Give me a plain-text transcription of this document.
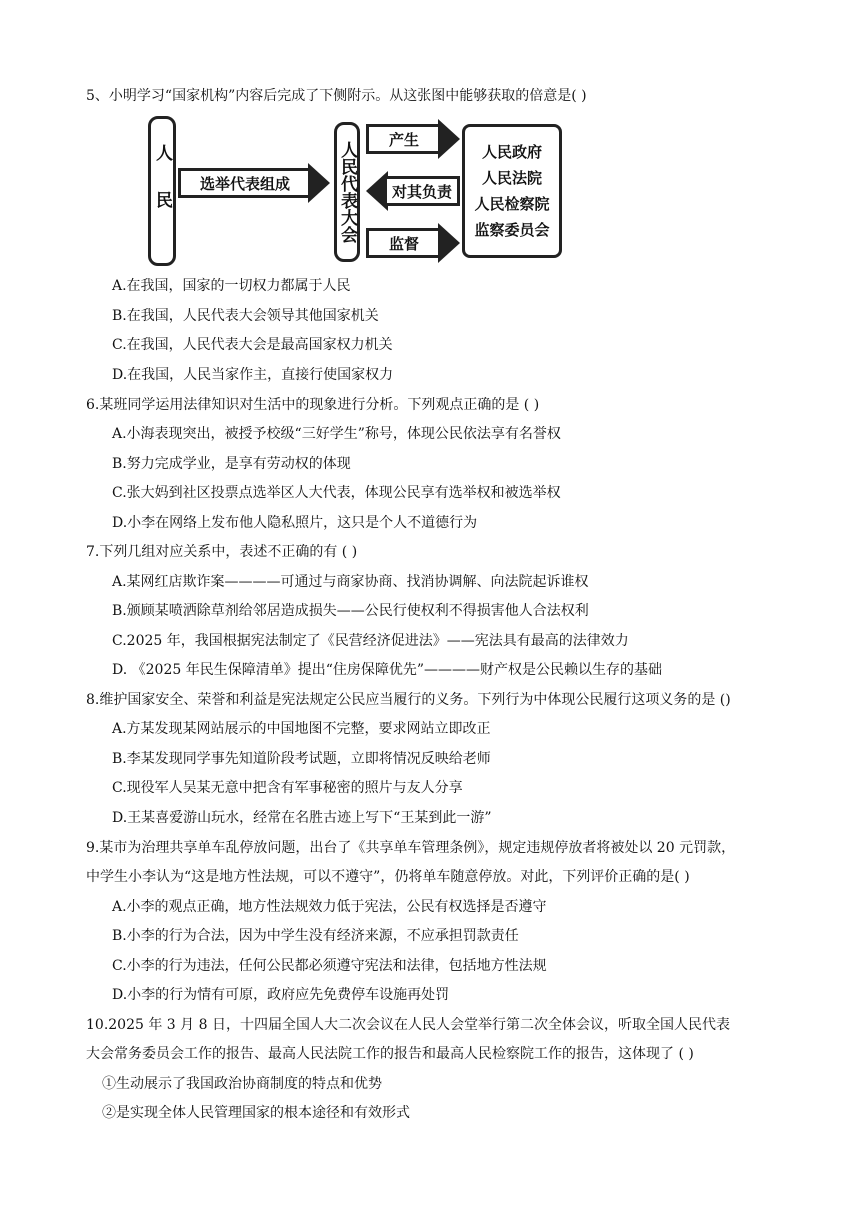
5、小明学习“国家机构”内容后完成了下侧附示。从这张图中能够获取的倍意是( )
人民	选举代表组成	人民代表大会
产生
对其负责
监督
人民政府
人民法院
人民检察院
监察委员会
A.在我国，国家的一切权力都属于人民
B.在我国，人民代表大会领导其他国家机关
C.在我国，人民代表大会是最高国家权力机关
D.在我国，人民当家作主，直接行使国家权力
6.某班同学运用法律知识对生活中的现象进行分析。下列观点正确的是 ( )
A.小海表现突出，被授予校级“三好学生”称号，体现公民依法享有名誉权
B.努力完成学业，是享有劳动权的体现
C.张大妈到社区投票点选举区人大代表，体现公民享有选举权和被选举权
D.小李在网络上发布他人隐私照片，这只是个人不道德行为
7.下列几组对应关系中，表述不正确的有 ( )
A.某网红店欺诈案————可通过与商家协商、找消协调解、向法院起诉谁权
B.颁顾某喷洒除草剂给邻居造成损失——公民行使权利不得损害他人合法权利
C.2025 年，我国根据宪法制定了《民营经济促进法》——宪法具有最高的法律效力
D. 《2025 年民生保障清单》提出“住房保障优先”————财产权是公民赖以生存的基础
8.维护国家安全、荣誉和利益是宪法规定公民应当履行的义务。下列行为中体现公民履行这项义务的是 ()
A.方某发现某网站展示的中国地图不完整，要求网站立即改正
B.李某发现同学事先知道阶段考试题，立即将情况反映给老师
C.现役军人吴某无意中把含有军事秘密的照片与友人分享
D.王某喜爱游山玩水，经常在名胜古迹上写下“王某到此一游”
9.某市为治理共享单车乱停放问题，出台了《共享单车管理条例》，规定违规停放者将被处以 20 元罚款，
中学生小李认为“这是地方性法规，可以不遵守”，仍将单车随意停放。对此，下列评价正确的是( )
A.小李的观点正确，地方性法规效力低于宪法，公民有权选择是否遵守
B.小李的行为合法，因为中学生没有经济来源，不应承担罚款责任
C.小李的行为违法，任何公民都必须遵守宪法和法律，包括地方性法规
D.小李的行为情有可原，政府应先免费停车设施再处罚
10.2025 年 3 月 8 日，十四届全国人大二次会议在人民人会堂举行第二次全体会议，听取全国人民代表
大会常务委员会工作的报告、最高人民法院工作的报告和最高人民检察院工作的报告，这体现了 ( )
①生动展示了我国政治协商制度的特点和优势
②是实现全体人民管理国家的根本途径和有效形式
